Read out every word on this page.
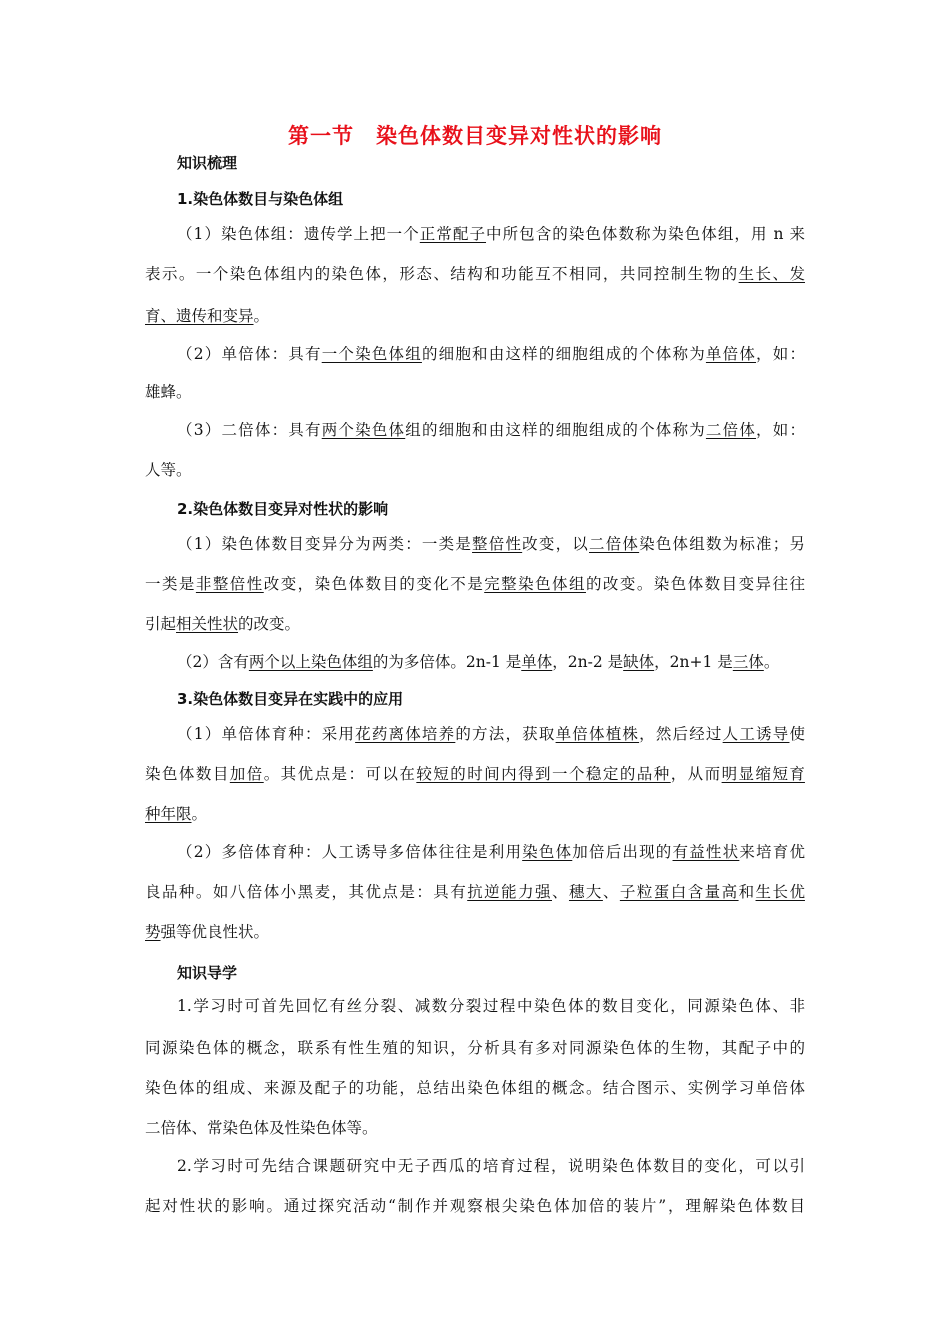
第一节　染色体数目变异对性状的影响
知识梳理
1.染色体数目与染色体组
（1）染色体组：遗传学上把一个正常配子中所包含的染色体数称为染色体组，用 n 来
表示。一个染色体组内的染色体，形态、结构和功能互不相同，共同控制生物的生长、发
育、遗传和变异。
（2）单倍体：具有一个染色体组的细胞和由这样的细胞组成的个体称为单倍体，如：
雄蜂。
（3）二倍体：具有两个染色体组的细胞和由这样的细胞组成的个体称为二倍体，如：
人等。
2.染色体数目变异对性状的影响
（1）染色体数目变异分为两类：一类是整倍性改变，以二倍体染色体组数为标准；另
一类是非整倍性改变，染色体数目的变化不是完整染色体组的改变。染色体数目变异往往
引起相关性状的改变。
（2）含有两个以上染色体组的为多倍体。2n-1 是单体，2n-2 是缺体，2n+1 是三体。
3.染色体数目变异在实践中的应用
（1）单倍体育种：采用花药离体培养的方法，获取单倍体植株，然后经过人工诱导使
染色体数目加倍。其优点是：可以在较短的时间内得到一个稳定的品种，从而明显缩短育
种年限。
（2）多倍体育种：人工诱导多倍体往往是利用染色体加倍后出现的有益性状来培育优
良品种。如八倍体小黑麦，其优点是：具有抗逆能力强、穗大、子粒蛋白含量高和生长优
势强等优良性状。
知识导学
1.学习时可首先回忆有丝分裂、减数分裂过程中染色体的数目变化，同源染色体、非
同源染色体的概念，联系有性生殖的知识，分析具有多对同源染色体的生物，其配子中的
染色体的组成、来源及配子的功能，总结出染色体组的概念。结合图示、实例学习单倍体
二倍体、常染色体及性染色体等。
2.学习时可先结合课题研究中无子西瓜的培育过程，说明染色体数目的变化，可以引
起对性状的影响。通过探究活动“制作并观察根尖染色体加倍的装片”，理解染色体数目
